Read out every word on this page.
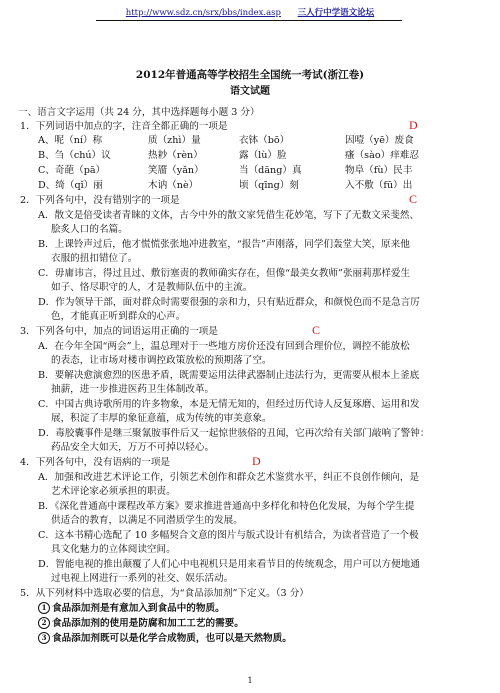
http://www.sdz.cn/srx/bbs/index.asp 三人行中学语文论坛
2012年普通高等学校招生全国统一考试(浙江卷)
语文试题
一、语言文字运用（共 24 分，其中选择题每小题 3 分）
1．下列词语中加点的字，注音全都正确的一项是	D
A、呢（ní）称	质（zhì）量	衣钵（bō）	因噎（yē）废食
B、刍（chú）议	热耖（rèn）	露（lù）脸	瘙（sào）痒难忍
C、奇葩（pā）	笑靥（yǎn）	当（dāng）真	物阜（fù）民丰
D、绮（qǐ）丽	木讷（nè）	顷（qīng）刻	入不敷（fū）出
2．下列各句中，没有错别字的一项是	C
A．散文是倍受读者青睐的文体，古今中外的散文家凭借生花妙笔，写下了无数文采斐然、
脍炙人口的名篇。
B．上课铃声过后，他才慌慌张张地冲进教室，“报告”声刚落，同学们轰堂大笑，原来他
衣服的扭扣错位了。
C．毋庸讳言，得过且过、敷衍塞责的教师确实存在，但像“最美女教师”张丽莉那样爱生
如子、恪尽职守的人，才是教师队伍中的主流。
D．作为领导干部，面对群众时需要很强的亲和力，只有贴近群众，和颜悦色而不是急言厉
色，才能真正听到群众的心声。
3．下列各句中，加点的词语运用正确的一项是	C
A．在今年全国“两会”上，温总理对于一些地方房价还没有回到合理价位，调控不能放松
的表态，让市场对楼市调控政策放松的预期落了空。
B．要解决愈演愈烈的医患矛盾，既需要运用法律武器制止违法行为，更需要从根本上釜底
抽薪，进一步推进医药卫生体制改革。
C．中国古典诗歌所用的许多物象，本是无情无知的，但经过历代诗人反复琢磨、运用和发
展，积淀了丰厚的象征意蕴，成为传统的审美意象。
D．毒胶囊事件是继三聚氰胺事件后又一起惊世骇俗的丑闻，它再次给有关部门敲响了警钟：
药品安全大如天，万万不可掉以轻心。
4．下列各句中，没有语病的一项是	D
A．加强和改进艺术评论工作，引领艺术创作和群众艺术鉴赏水平，纠正不良创作倾向，是
艺术评论家必须承担的职责。
B．《深化普通高中课程改革方案》要求推进普通高中多样化和特色化发展，为每个学生提
供适合的教育，以满足不同潜质学生的发展。
C．这本书精心选配了 10 多幅契合文意的图片与版式设计有机结合，为读者营造了一个极
具文化魅力的立体阅读空间。
D．智能电视的推出颠覆了人们心中电视机只是用来看节目的传统观念，用户可以方便地通
过电视上网进行一系列的社交、娱乐活动。
5．从下列材料中选取必要的信息，为“食品添加剂”下定义。（3 分）
1 食品添加剂是有意加入到食品中的物质。
2 食品添加剂的使用是防腐和加工工艺的需要。
3 食品添加剂既可以是化学合成物质，也可以是天然物质。
1
